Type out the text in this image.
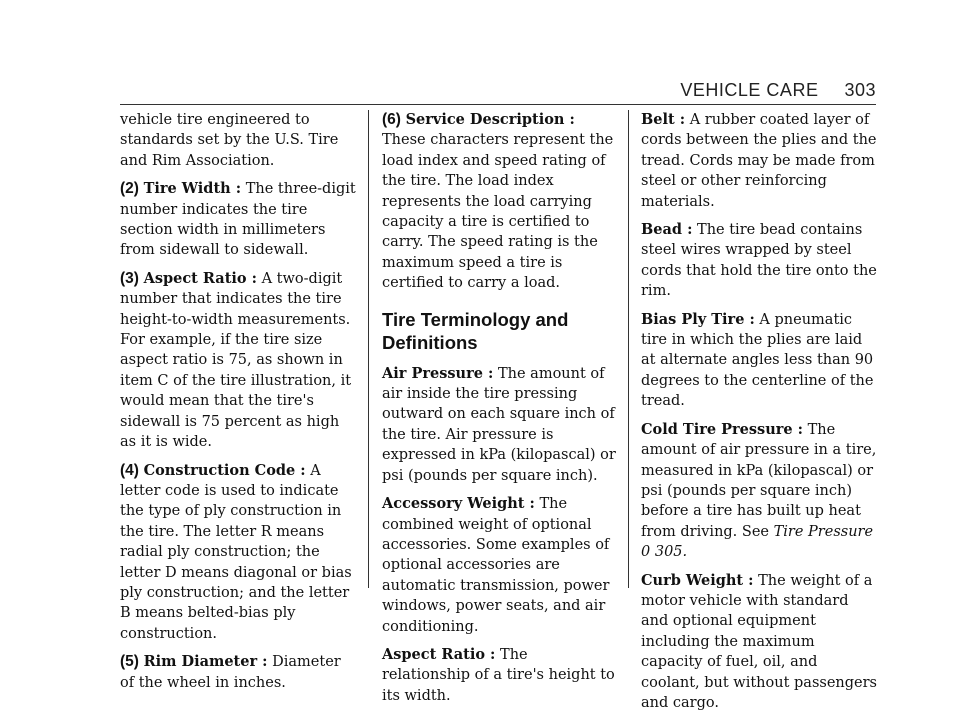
VEHICLE CARE 303

vehicle tire engineered to standards set by the U.S. Tire and Rim Association.

(2) Tire Width : The three-digit number indicates the tire section width in millimeters from sidewall to sidewall.

(3) Aspect Ratio : A two-digit number that indicates the tire height-to-width measurements. For example, if the tire size aspect ratio is 75, as shown in item C of the tire illustration, it would mean that the tire's sidewall is 75 percent as high as it is wide.

(4) Construction Code : A letter code is used to indicate the type of ply construction in the tire. The letter R means radial ply construction; the letter D means diagonal or bias ply construction; and the letter B means belted-bias ply construction.

(5) Rim Diameter : Diameter of the wheel in inches.

(6) Service Description : These characters represent the load index and speed rating of the tire. The load index represents the load carrying capacity a tire is certified to carry. The speed rating is the maximum speed a tire is certified to carry a load.

Tire Terminology and Definitions

Air Pressure : The amount of air inside the tire pressing outward on each square inch of the tire. Air pressure is expressed in kPa (kilopascal) or psi (pounds per square inch).

Accessory Weight : The combined weight of optional accessories. Some examples of optional accessories are automatic transmission, power windows, power seats, and air conditioning.

Aspect Ratio : The relationship of a tire's height to its width.

Belt : A rubber coated layer of cords between the plies and the tread. Cords may be made from steel or other reinforcing materials.

Bead : The tire bead contains steel wires wrapped by steel cords that hold the tire onto the rim.

Bias Ply Tire : A pneumatic tire in which the plies are laid at alternate angles less than 90 degrees to the centerline of the tread.

Cold Tire Pressure : The amount of air pressure in a tire, measured in kPa (kilopascal) or psi (pounds per square inch) before a tire has built up heat from driving. See Tire Pressure 0 305.

Curb Weight : The weight of a motor vehicle with standard and optional equipment including the maximum capacity of fuel, oil, and coolant, but without passengers and cargo.
